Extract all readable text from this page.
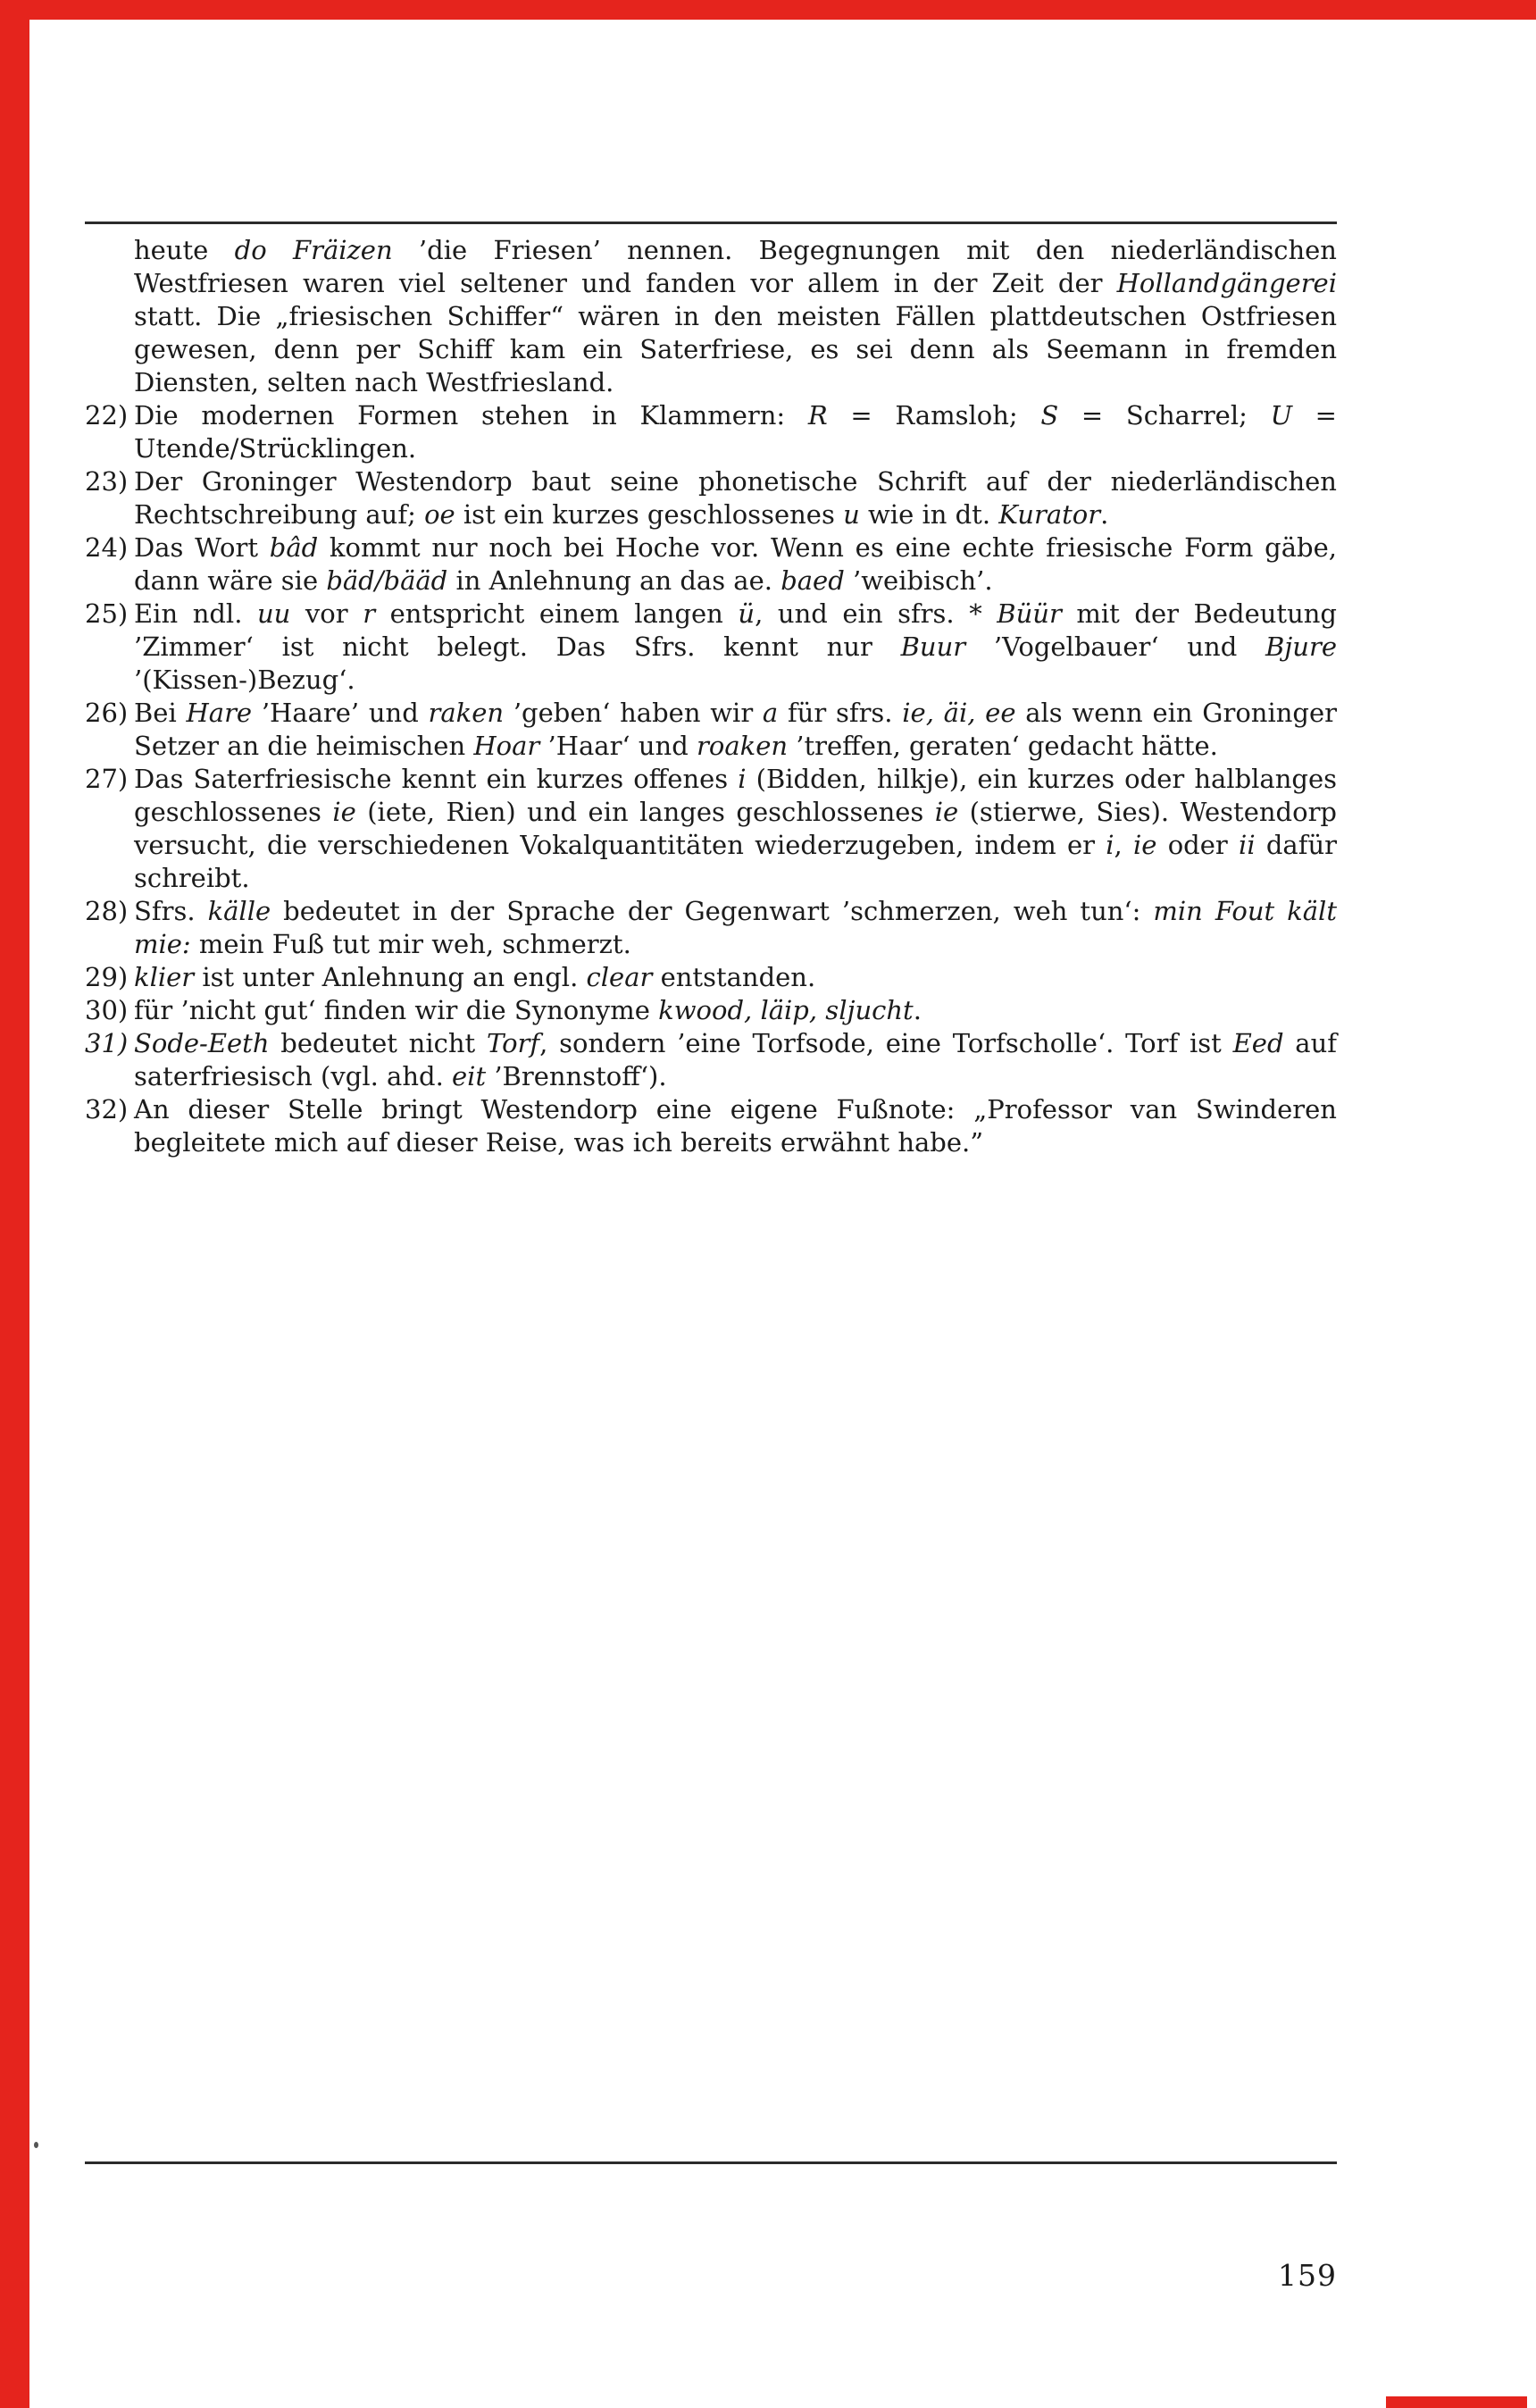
heute do Fräizen ’die Friesen’ nennen. Begegnungen mit den niederländischen Westfriesen waren viel seltener und fanden vor allem in der Zeit der Hollandgängerei statt. Die „friesischen Schiffer“ wären in den meisten Fällen plattdeutschen Ostfriesen gewesen, denn per Schiff kam ein Saterfriese, es sei denn als Seemann in fremden Diensten, selten nach Westfriesland.

22) Die modernen Formen stehen in Klammern: R = Ramsloh; S = Scharrel; U = Utende/Strücklingen.
23) Der Groninger Westendorp baut seine phonetische Schrift auf der niederländischen Rechtschreibung auf; oe ist ein kurzes geschlossenes u wie in dt. Kurator.
24) Das Wort bâd kommt nur noch bei Hoche vor. Wenn es eine echte friesische Form gäbe, dann wäre sie bäd/bääd in Anlehnung an das ae. baed ’weibisch’.
25) Ein ndl. uu vor r entspricht einem langen ü, und ein sfrs. * Büür mit der Bedeutung ’Zimmer‘ ist nicht belegt. Das Sfrs. kennt nur Buur ’Vogelbauer‘ und Bjure ’(Kissen-)Bezug‘.
26) Bei Hare ’Haare’ und raken ’geben‘ haben wir a für sfrs. ie, äi, ee als wenn ein Groninger Setzer an die heimischen Hoar ’Haar‘ und roaken ’treffen, geraten‘ gedacht hätte.
27) Das Saterfriesische kennt ein kurzes offenes i (Bidden, hilkje), ein kurzes oder halblanges geschlossenes ie (iete, Rien) und ein langes geschlossenes ie (stierwe, Sies). Westendorp versucht, die verschiedenen Vokalquantitäten wiederzugeben, indem er i, ie oder ii dafür schreibt.
28) Sfrs. källe bedeutet in der Sprache der Gegenwart ’schmerzen, weh tun‘: min Fout kält mie: mein Fuß tut mir weh, schmerzt.
29) klier ist unter Anlehnung an engl. clear entstanden.
30) für ’nicht gut‘ finden wir die Synonyme kwood, läip, sljucht.
31) Sode-Eeth bedeutet nicht Torf, sondern ’eine Torfsode, eine Torfscholle‘. Torf ist Eed auf saterfriesisch (vgl. ahd. eit ’Brennstoff‘).
32) An dieser Stelle bringt Westendorp eine eigene Fußnote: „Professor van Swinderen begleitete mich auf dieser Reise, was ich bereits erwähnt habe.”
159
